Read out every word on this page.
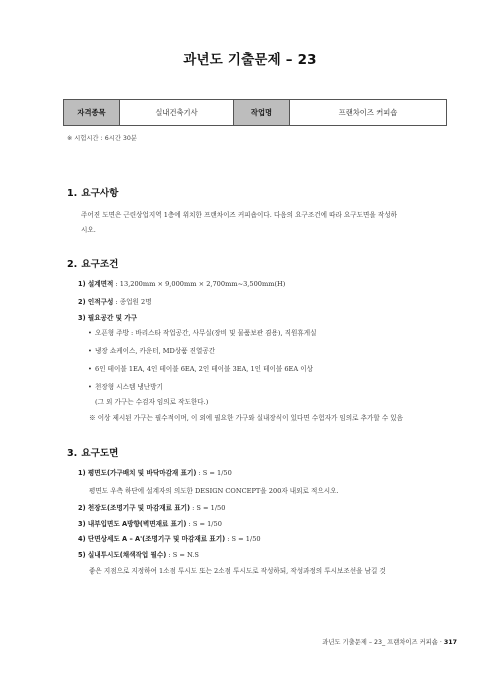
과년도 기출문제 – 23
자격종목	실내건축기사	작업명	프랜차이즈 커피숍
※ 시험시간 : 6시간 30분
1. 요구사항
주어진 도면은 근린상업지역 1층에 위치한 프랜차이즈 커피숍이다. 다음의 요구조건에 따라 요구도면을 작성하
시오.
2. 요구조건
1) 설계면적 : 13,200mm × 9,000mm × 2,700mm~3,500mm(H)
2) 인적구성 : 종업원 2명
3) 필요공간 및 가구
• 오픈형 주방 : 바리스타 작업공간, 사무실(장비 및 물품보관 겸용), 직원휴게실
• 냉장 쇼케이스, 카운터, MD상품 진열공간
• 6인 테이블 1EA, 4인 테이블 6EA, 2인 테이블 3EA, 1인 테이블 6EA 이상
• 천장형 시스템 냉난방기
(그 외 가구는 수검자 임의로 작도한다.)
※ 이상 제시된 가구는 필수적이며, 이 외에 필요한 가구와 실내장식이 있다면 수험자가 임의로 추가할 수 있음
3. 요구도면
1) 평면도(가구배치 및 바닥마감재 표기) : S = 1/50
평면도 우측 하단에 설계자의 의도한 DESIGN CONCEPT을 200자 내외로 적으시오.
2) 천장도(조명기구 및 마감재료 표기) : S = 1/50
3) 내부입면도 A방향(벽면재료 표기) : S = 1/50
4) 단면상세도 A – A'(조명기구 및 마감재료 표기) : S = 1/50
5) 실내투시도(채색작업 필수) : S = N.S
좋은 지점으로 지정하여 1소점 투시도 또는 2소점 투시도로 작성하되, 작성과정의 투시보조선을 남길 것
과년도 기출문제 – 23_ 프랜차이즈 커피숍 · 317
